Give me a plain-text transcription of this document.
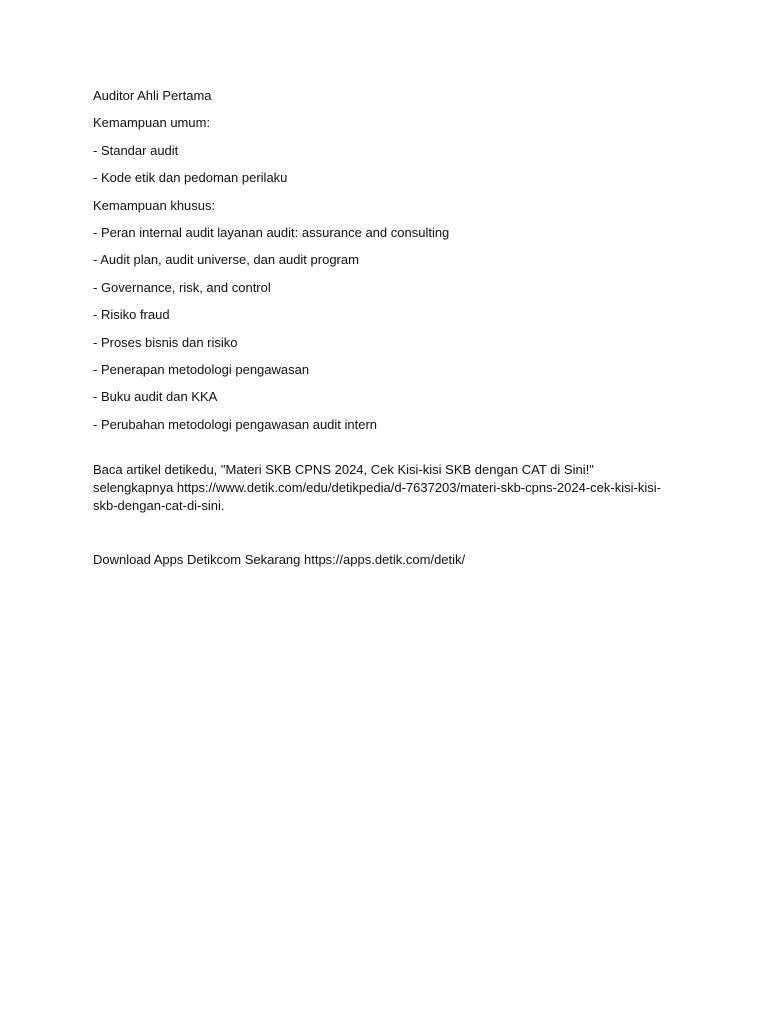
Auditor Ahli Pertama
Kemampuan umum:
- Standar audit
- Kode etik dan pedoman perilaku
Kemampuan khusus:
- Peran internal audit layanan audit: assurance and consulting
- Audit plan, audit universe, dan audit program
- Governance, risk, and control
- Risiko fraud
- Proses bisnis dan risiko
- Penerapan metodologi pengawasan
- Buku audit dan KKA
- Perubahan metodologi pengawasan audit intern
Baca artikel detikedu, "Materi SKB CPNS 2024, Cek Kisi-kisi SKB dengan CAT di Sini!" selengkapnya https://www.detik.com/edu/detikpedia/d-7637203/materi-skb-cpns-2024-cek-kisi-kisi-skb-dengan-cat-di-sini.
Download Apps Detikcom Sekarang https://apps.detik.com/detik/
